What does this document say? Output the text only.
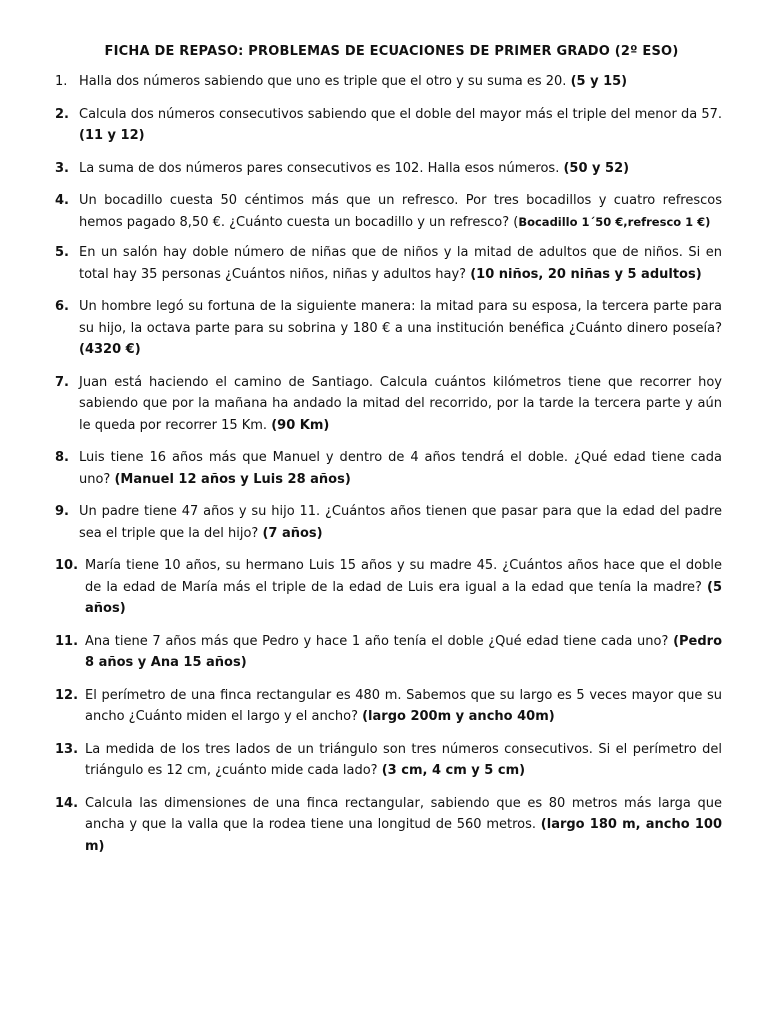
FICHA DE REPASO: PROBLEMAS DE ECUACIONES DE PRIMER GRADO (2º ESO)
1. Halla dos números sabiendo que uno es triple que el otro y su suma es 20. (5 y 15)
2. Calcula dos números consecutivos sabiendo que el doble del mayor más el triple del menor da 57. (11 y 12)
3. La suma de dos números pares consecutivos es 102. Halla esos números. (50 y 52)
4. Un bocadillo cuesta 50 céntimos más que un refresco. Por tres bocadillos y cuatro refrescos hemos pagado 8,50 €. ¿Cuánto cuesta un bocadillo y un refresco? (Bocadillo 1´50 €,refresco 1 €)
5. En un salón hay doble número de niñas que de niños y la mitad de adultos que de niños. Si en total hay 35 personas ¿Cuántos niños, niñas y adultos hay? (10 niños, 20 niñas y 5 adultos)
6. Un hombre legó su fortuna de la siguiente manera: la mitad para su esposa, la tercera parte para su hijo, la octava parte para su sobrina y 180 € a una institución benéfica ¿Cuánto dinero poseía? (4320 €)
7. Juan está haciendo el camino de Santiago. Calcula cuántos kilómetros tiene que recorrer hoy sabiendo que por la mañana ha andado la mitad del recorrido, por la tarde la tercera parte y aún le queda por recorrer 15 Km. (90 Km)
8. Luis tiene 16 años más que Manuel y dentro de 4 años tendrá el doble. ¿Qué edad tiene cada uno? (Manuel 12 años y Luis 28 años)
9. Un padre tiene 47 años y su hijo 11. ¿Cuántos años tienen que pasar para que la edad del padre sea el triple que la del hijo? (7 años)
10. María tiene 10 años, su hermano Luis 15 años y su madre 45. ¿Cuántos años hace que el doble de la edad de María más el triple de la edad de Luis era igual a la edad que tenía la madre? (5 años)
11. Ana tiene 7 años más que Pedro y hace 1 año tenía el doble ¿Qué edad tiene cada uno? (Pedro 8 años y Ana 15 años)
12. El perímetro de una finca rectangular es 480 m. Sabemos que su largo es 5 veces mayor que su ancho ¿Cuánto miden el largo y el ancho? (largo 200m y ancho 40m)
13. La medida de los tres lados de un triángulo son tres números consecutivos. Si el perímetro del triángulo es 12 cm, ¿cuánto mide cada lado? (3 cm, 4 cm y 5 cm)
14. Calcula las dimensiones de una finca rectangular, sabiendo que es 80 metros más larga que ancha y que la valla que la rodea tiene una longitud de 560 metros. (largo 180 m, ancho 100 m)
